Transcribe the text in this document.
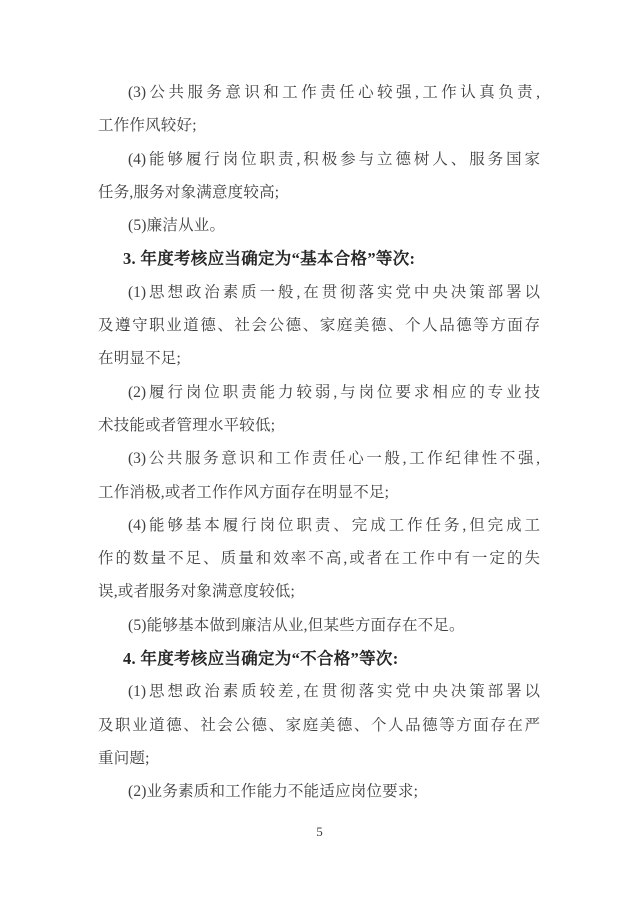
(3)公共服务意识和工作责任心较强,工作认真负责,
工作作风较好;
(4)能够履行岗位职责,积极参与立德树人、服务国家
任务,服务对象满意度较高;
(5)廉洁从业。
3. 年度考核应当确定为“基本合格”等次:
(1)思想政治素质一般,在贯彻落实党中央决策部署以
及遵守职业道德、社会公德、家庭美德、个人品德等方面存
在明显不足;
(2)履行岗位职责能力较弱,与岗位要求相应的专业技
术技能或者管理水平较低;
(3)公共服务意识和工作责任心一般,工作纪律性不强,
工作消极,或者工作作风方面存在明显不足;
(4)能够基本履行岗位职责、完成工作任务,但完成工
作的数量不足、质量和效率不高,或者在工作中有一定的失
误,或者服务对象满意度较低;
(5)能够基本做到廉洁从业,但某些方面存在不足。
4. 年度考核应当确定为“不合格”等次:
(1)思想政治素质较差,在贯彻落实党中央决策部署以
及职业道德、社会公德、家庭美德、个人品德等方面存在严
重问题;
(2)业务素质和工作能力不能适应岗位要求;
5
